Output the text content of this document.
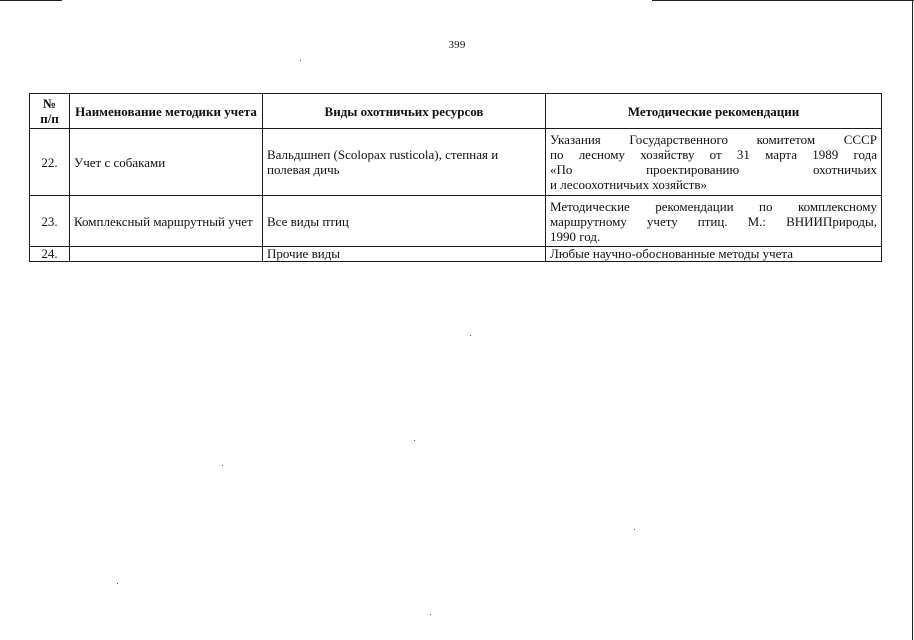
399
№
п/п	Наименование методики учета	Виды охотничьих ресурсов	Методические рекомендации
22.	Учет с собаками	Вальдшнеп (Scolopax rusticola), степная и полевая дичь	Указания Государственного комитетом СССР
по лесному хозяйству от 31 марта 1989 года
«По проектированию охотничьих
и лесоохотничьих хозяйств»

23.	Комплексный маршрутный учет	Все виды птиц	Методические рекомендации по комплексному
маршрутному учету птиц. М.: ВНИИПрироды,
1990 год.

24.		Прочие виды	Любые научно-обоснованные методы учета
